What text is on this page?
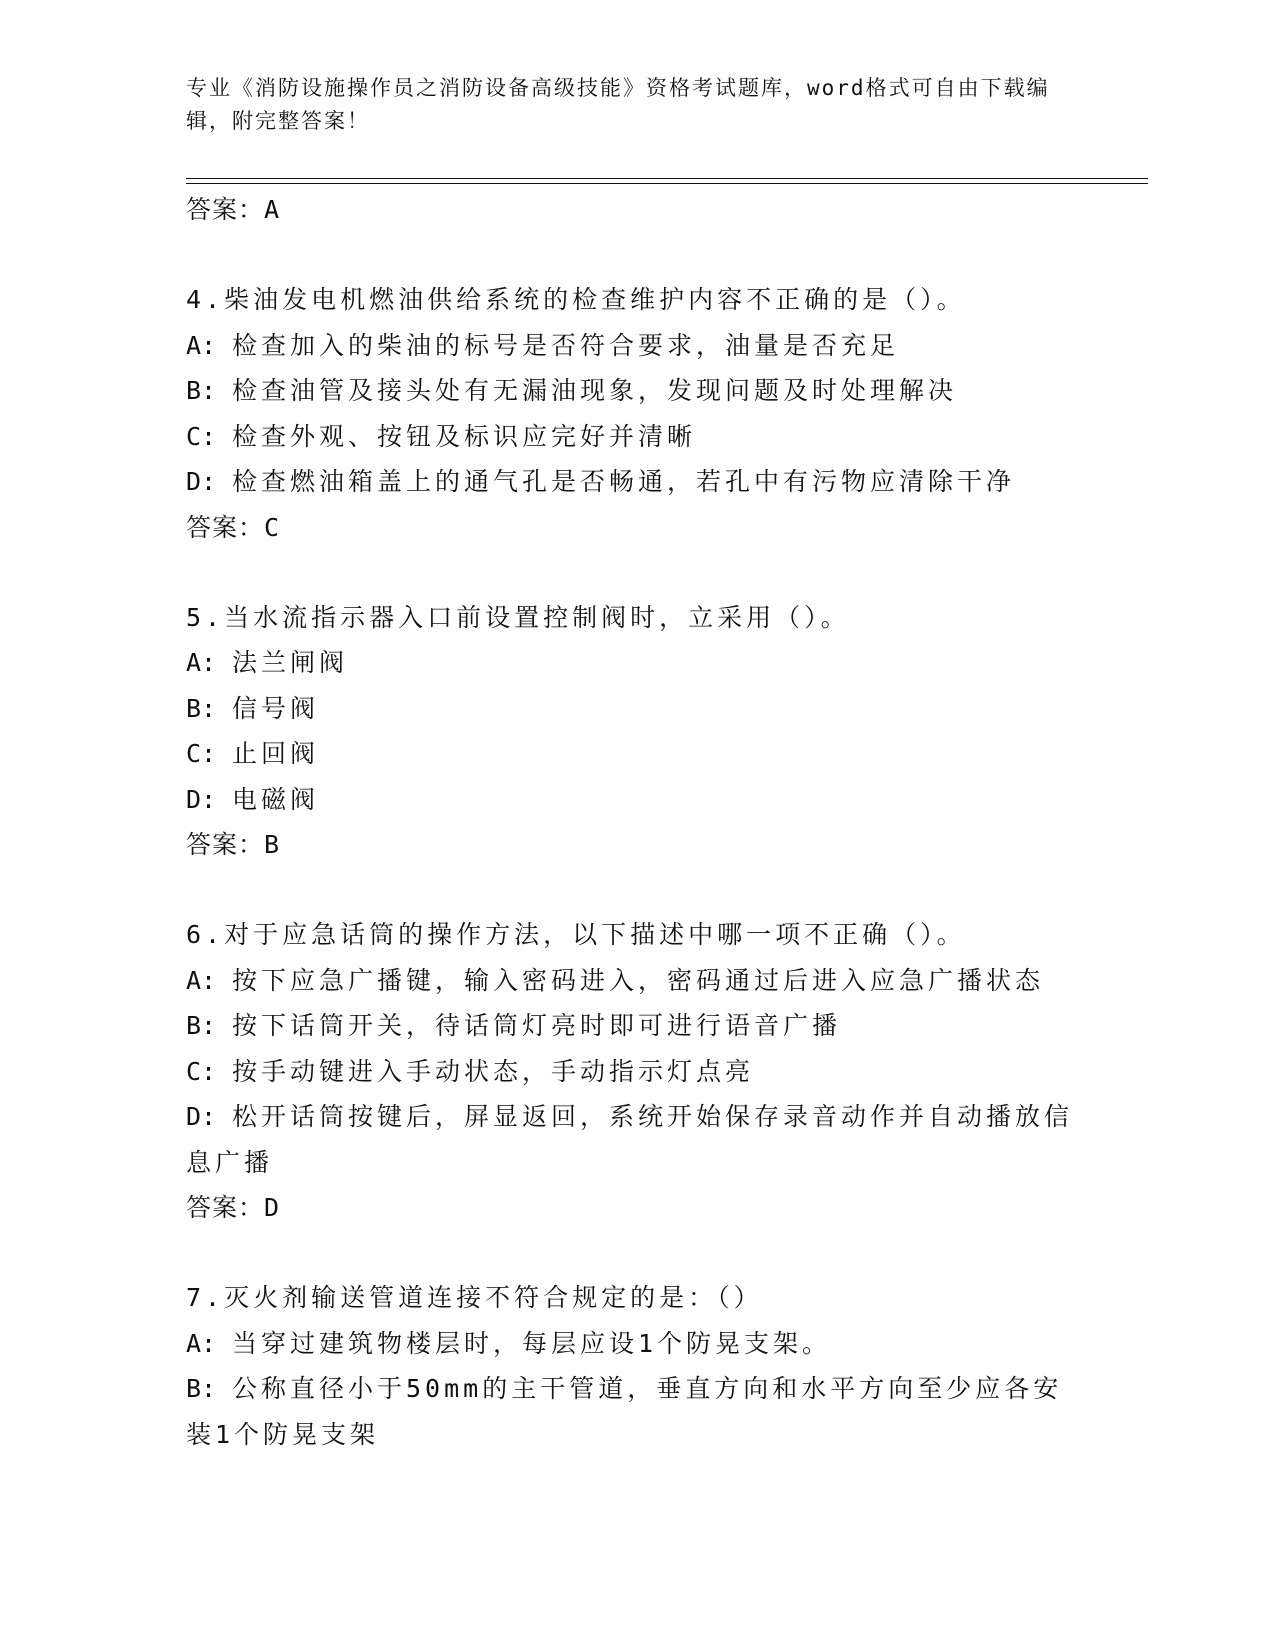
专业《消防设施操作员之消防设备高级技能》资格考试题库，word格式可自由下载编辑，附完整答案！
答案：A
4.柴油发电机燃油供给系统的检查维护内容不正确的是（）。
A: 检查加入的柴油的标号是否符合要求，油量是否充足
B: 检查油管及接头处有无漏油现象，发现问题及时处理解决
C: 检查外观、按钮及标识应完好并清晰
D: 检查燃油箱盖上的通气孔是否畅通，若孔中有污物应清除干净
答案：C
5.当水流指示器入口前设置控制阀时，立采用（）。
A: 法兰闸阀
B: 信号阀
C: 止回阀
D: 电磁阀
答案：B
6.对于应急话筒的操作方法，以下描述中哪一项不正确（）。
A: 按下应急广播键，输入密码进入，密码通过后进入应急广播状态
B: 按下话筒开关，待话筒灯亮时即可进行语音广播
C: 按手动键进入手动状态，手动指示灯点亮
D: 松开话筒按键后，屏显返回，系统开始保存录音动作并自动播放信息广播
答案：D
7.灭火剂输送管道连接不符合规定的是：（）
A: 当穿过建筑物楼层时，每层应设1个防晃支架。
B: 公称直径小于50mm的主干管道，垂直方向和水平方向至少应各安装1个防晃支架
